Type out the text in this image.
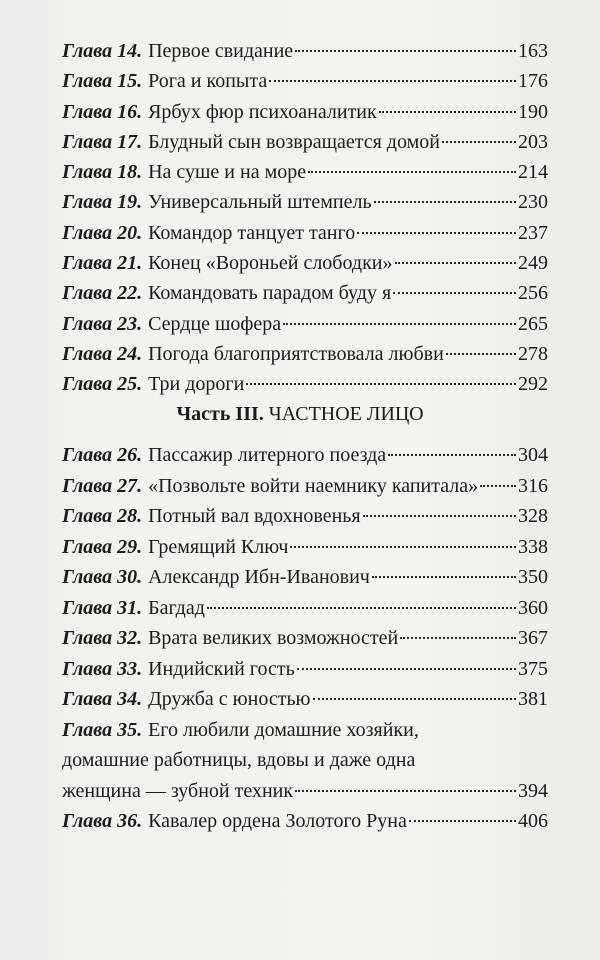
Глава 14. Первое свидание	163
Глава 15. Рога и копыта	176
Глава 16. Ярбух фюр психоаналитик	190
Глава 17. Блудный сын возвращается домой	203
Глава 18. На суше и на море	214
Глава 19. Универсальный штемпель	230
Глава 20. Командор танцует танго	237
Глава 21. Конец «Вороньей слободки»	249
Глава 22. Командовать парадом буду я	256
Глава 23. Сердце шофера	265
Глава 24. Погода благоприятствовала любви	278
Глава 25. Три дороги	292
Часть III. ЧАСТНОЕ ЛИЦО
Глава 26. Пассажир литерного поезда	304
Глава 27. «Позвольте войти наемнику капитала» 316
Глава 28. Потный вал вдохновенья	328
Глава 29. Гремящий Ключ	338
Глава 30. Александр Ибн-Иванович	350
Глава 31. Багдад	360
Глава 32. Врата великих возможностей	367
Глава 33. Индийский гость	375
Глава 34. Дружба с юностью	381
Глава 35. Его любили домашние хозяйки,
домашние работницы, вдовы и даже одна
женщина — зубной техник	394
Глава 36. Кавалер ордена Золотого Руна	406
